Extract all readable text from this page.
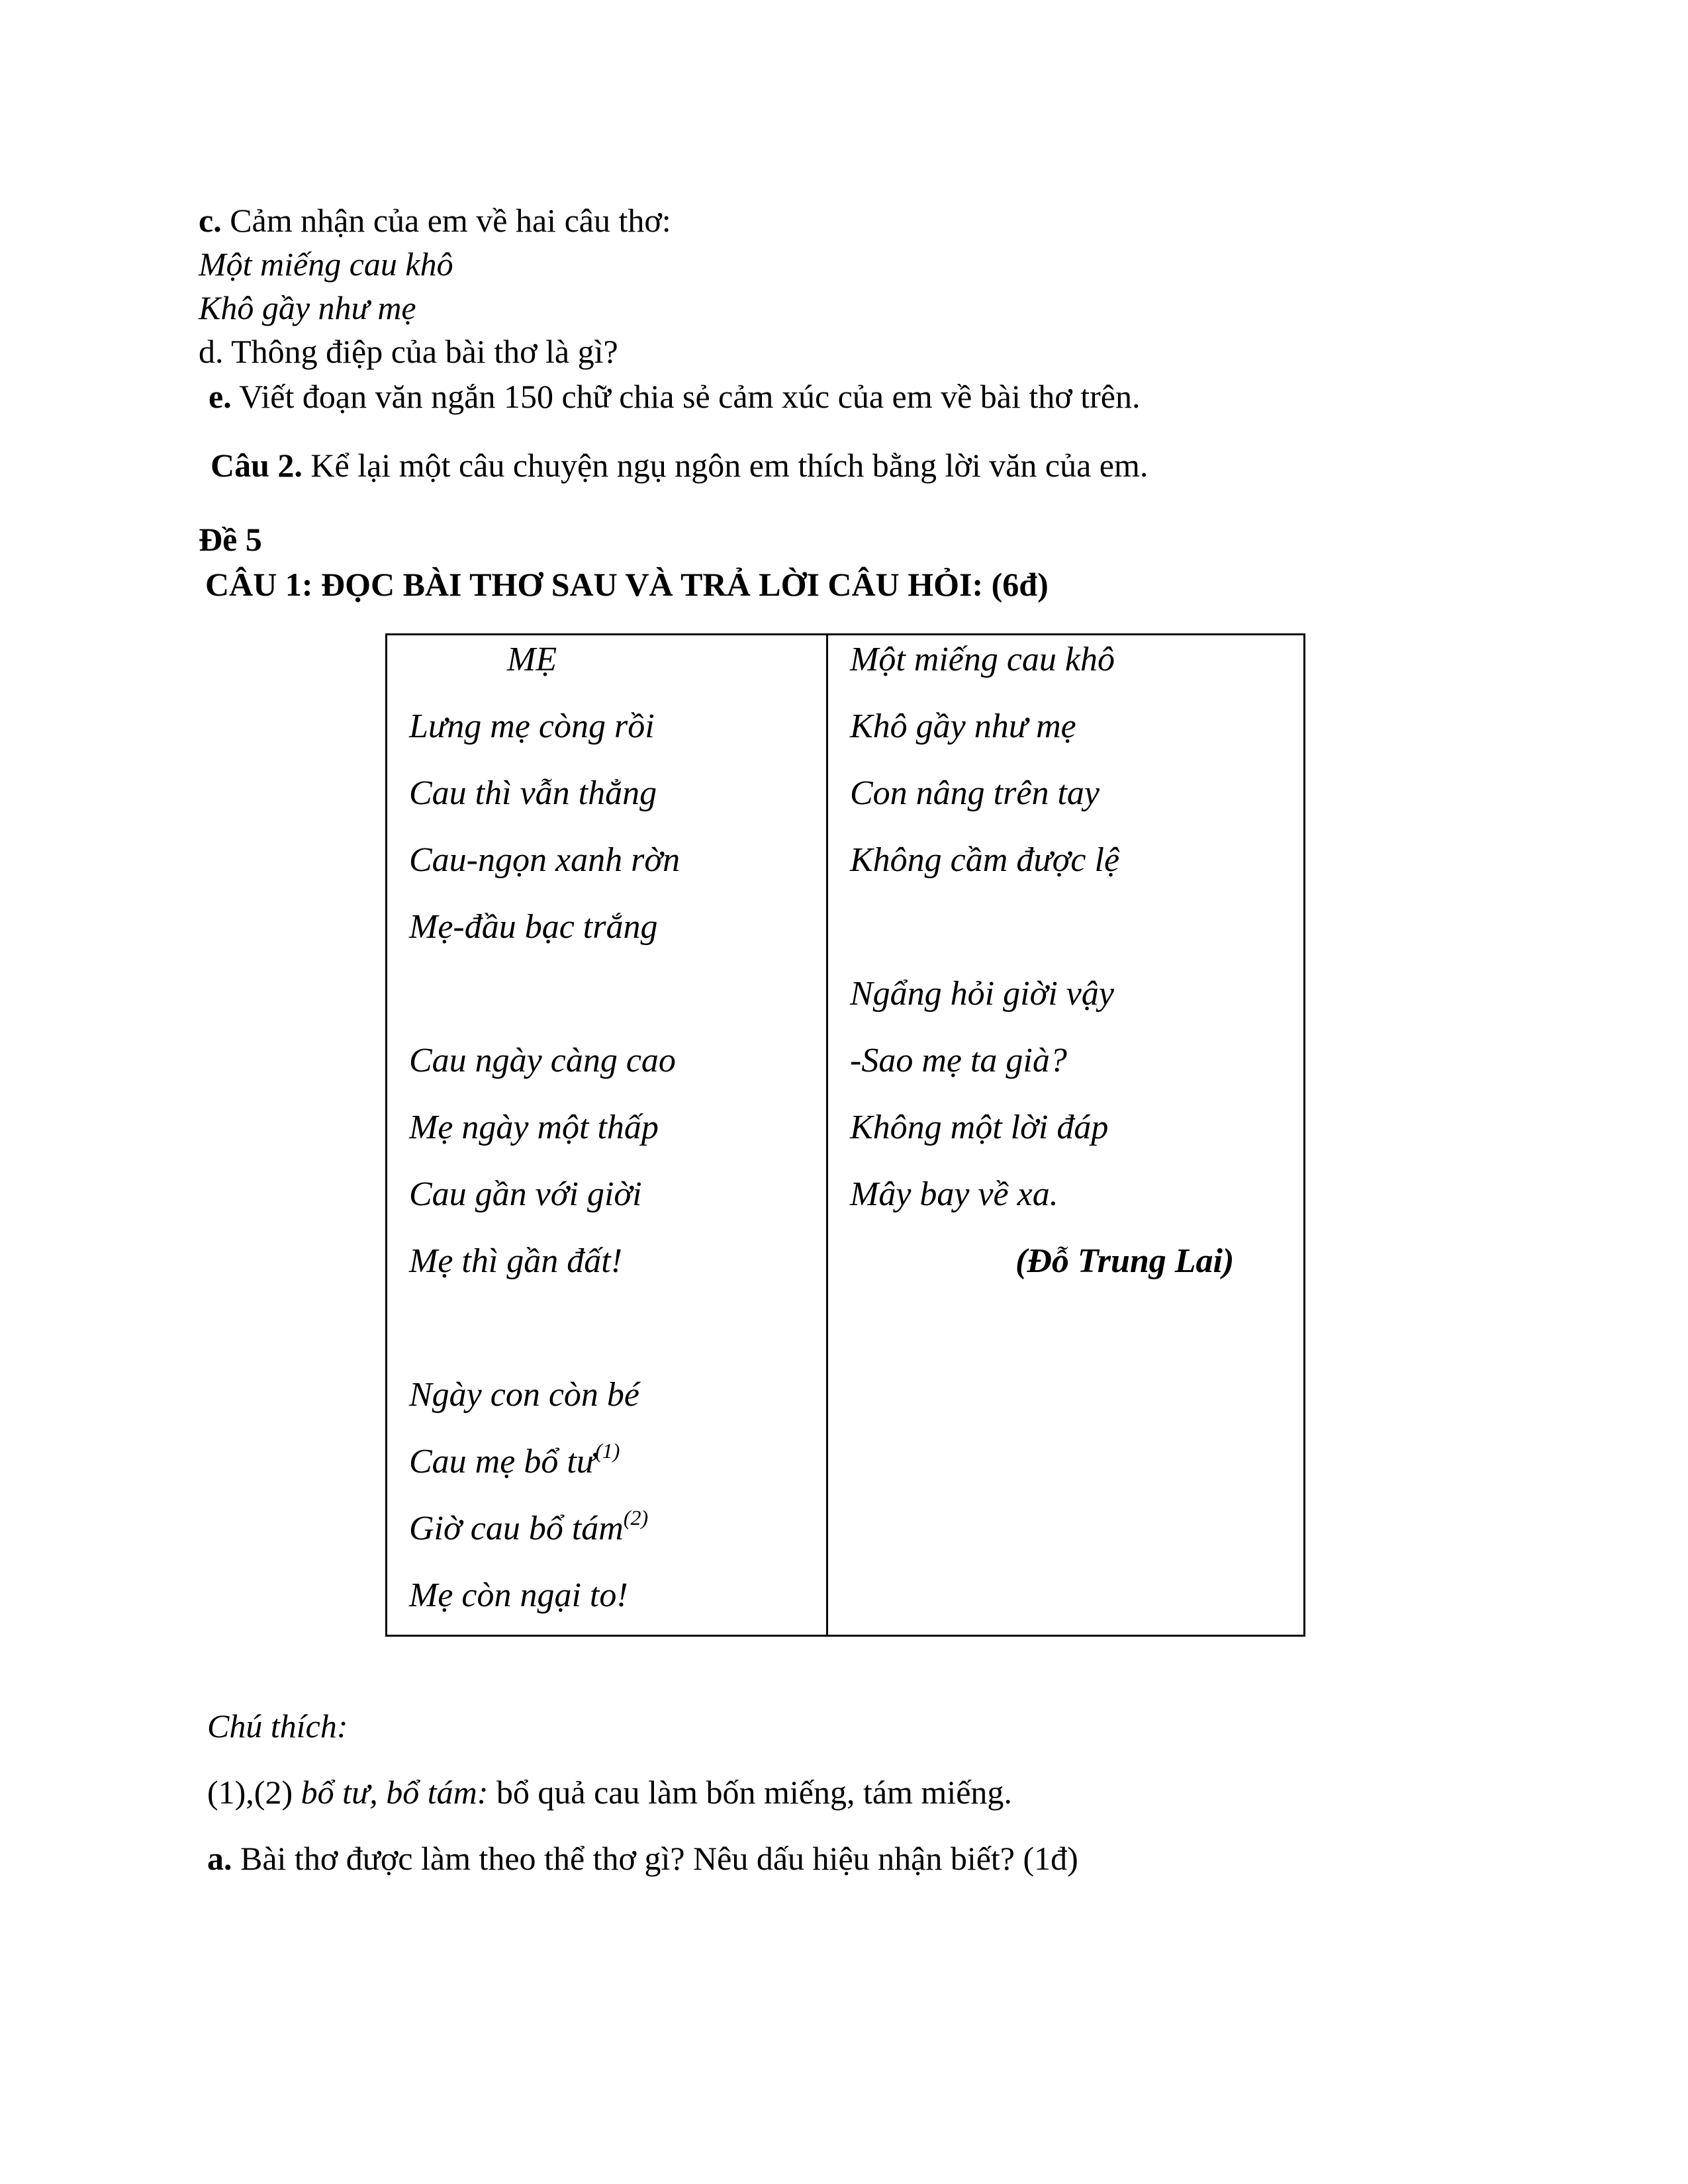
c. Cảm nhận của em về hai câu thơ:
Một miếng cau khô
Khô gầy như mẹ
d. Thông điệp của bài thơ là gì?
e. Viết đoạn văn ngắn 150 chữ chia sẻ cảm xúc của em về bài thơ trên.
Câu 2. Kể lại một câu chuyện ngụ ngôn em thích bằng lời văn của em.
Đề 5
CÂU 1: ĐỌC BÀI THƠ SAU VÀ TRẢ LỜI CÂU HỎI: (6đ)
MẸ
Lưng mẹ còng rồi
Cau thì vẫn thẳng
Cau-ngọn xanh rờn
Mẹ-đầu bạc trắng
Cau ngày càng cao
Mẹ ngày một thấp
Cau gần với giời
Mẹ thì gần đất!
Ngày con còn bé
Cau mẹ bổ $tư^{(1)}$
Giờ cau bổ tám$^{(2)}$
Mẹ còn ngại to!
Một miếng cau khô
Khô gầy như mẹ
Con nâng trên tay
Không cầm được lệ
Ngẩng hỏi giời vậy
-Sao mẹ ta già?
Không một lời đáp
Mây bay về xa.
(Đỗ Trung Lai)
Chú thích:
(1),(2) bổ tư, bổ tám: bổ quả cau làm bốn miếng, tám miếng.
a. Bài thơ được làm theo thể thơ gì? Nêu dấu hiệu nhận biết? (1đ)
